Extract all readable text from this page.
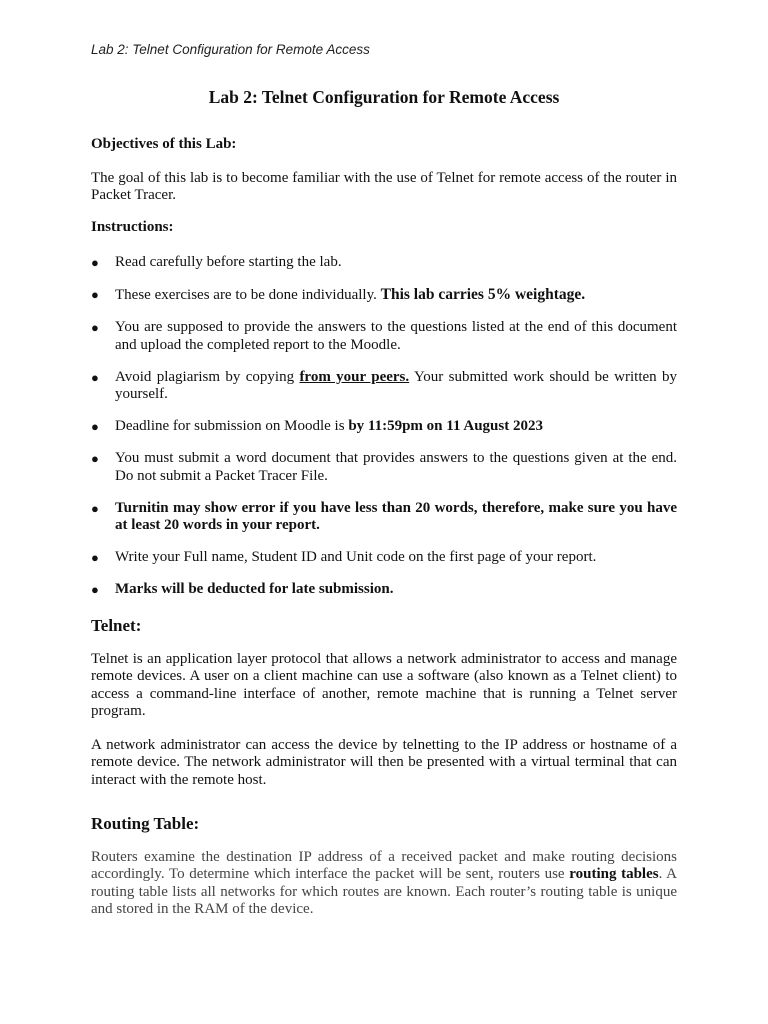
Lab 2: Telnet Configuration for Remote Access
Lab 2: Telnet Configuration for Remote Access

Objectives of this Lab:

The goal of this lab is to become familiar with the use of Telnet for remote access of the router in Packet Tracer.

Instructions:

● Read carefully before starting the lab.
● These exercises are to be done individually. This lab carries 5% weightage.
● You are supposed to provide the answers to the questions listed at the end of this document and upload the completed report to the Moodle.
● Avoid plagiarism by copying from your peers. Your submitted work should be written by yourself.
● Deadline for submission on Moodle is by 11:59pm on 11 August 2023
● You must submit a word document that provides answers to the questions given at the end. Do not submit a Packet Tracer File.
● Turnitin may show error if you have less than 20 words, therefore, make sure you have at least 20 words in your report.
● Write your Full name, Student ID and Unit code on the first page of your report.
● Marks will be deducted for late submission.

Telnet:

Telnet is an application layer protocol that allows a network administrator to access and manage remote devices. A user on a client machine can use a software (also known as a Telnet client) to access a command-line interface of another, remote machine that is running a Telnet server program.

A network administrator can access the device by telnetting to the IP address or hostname of a remote device. The network administrator will then be presented with a virtual terminal that can interact with the remote host.

Routing Table:

Routers examine the destination IP address of a received packet and make routing decisions accordingly. To determine which interface the packet will be sent, routers use routing tables. A routing table lists all networks for which routes are known. Each router’s routing table is unique and stored in the RAM of the device.
